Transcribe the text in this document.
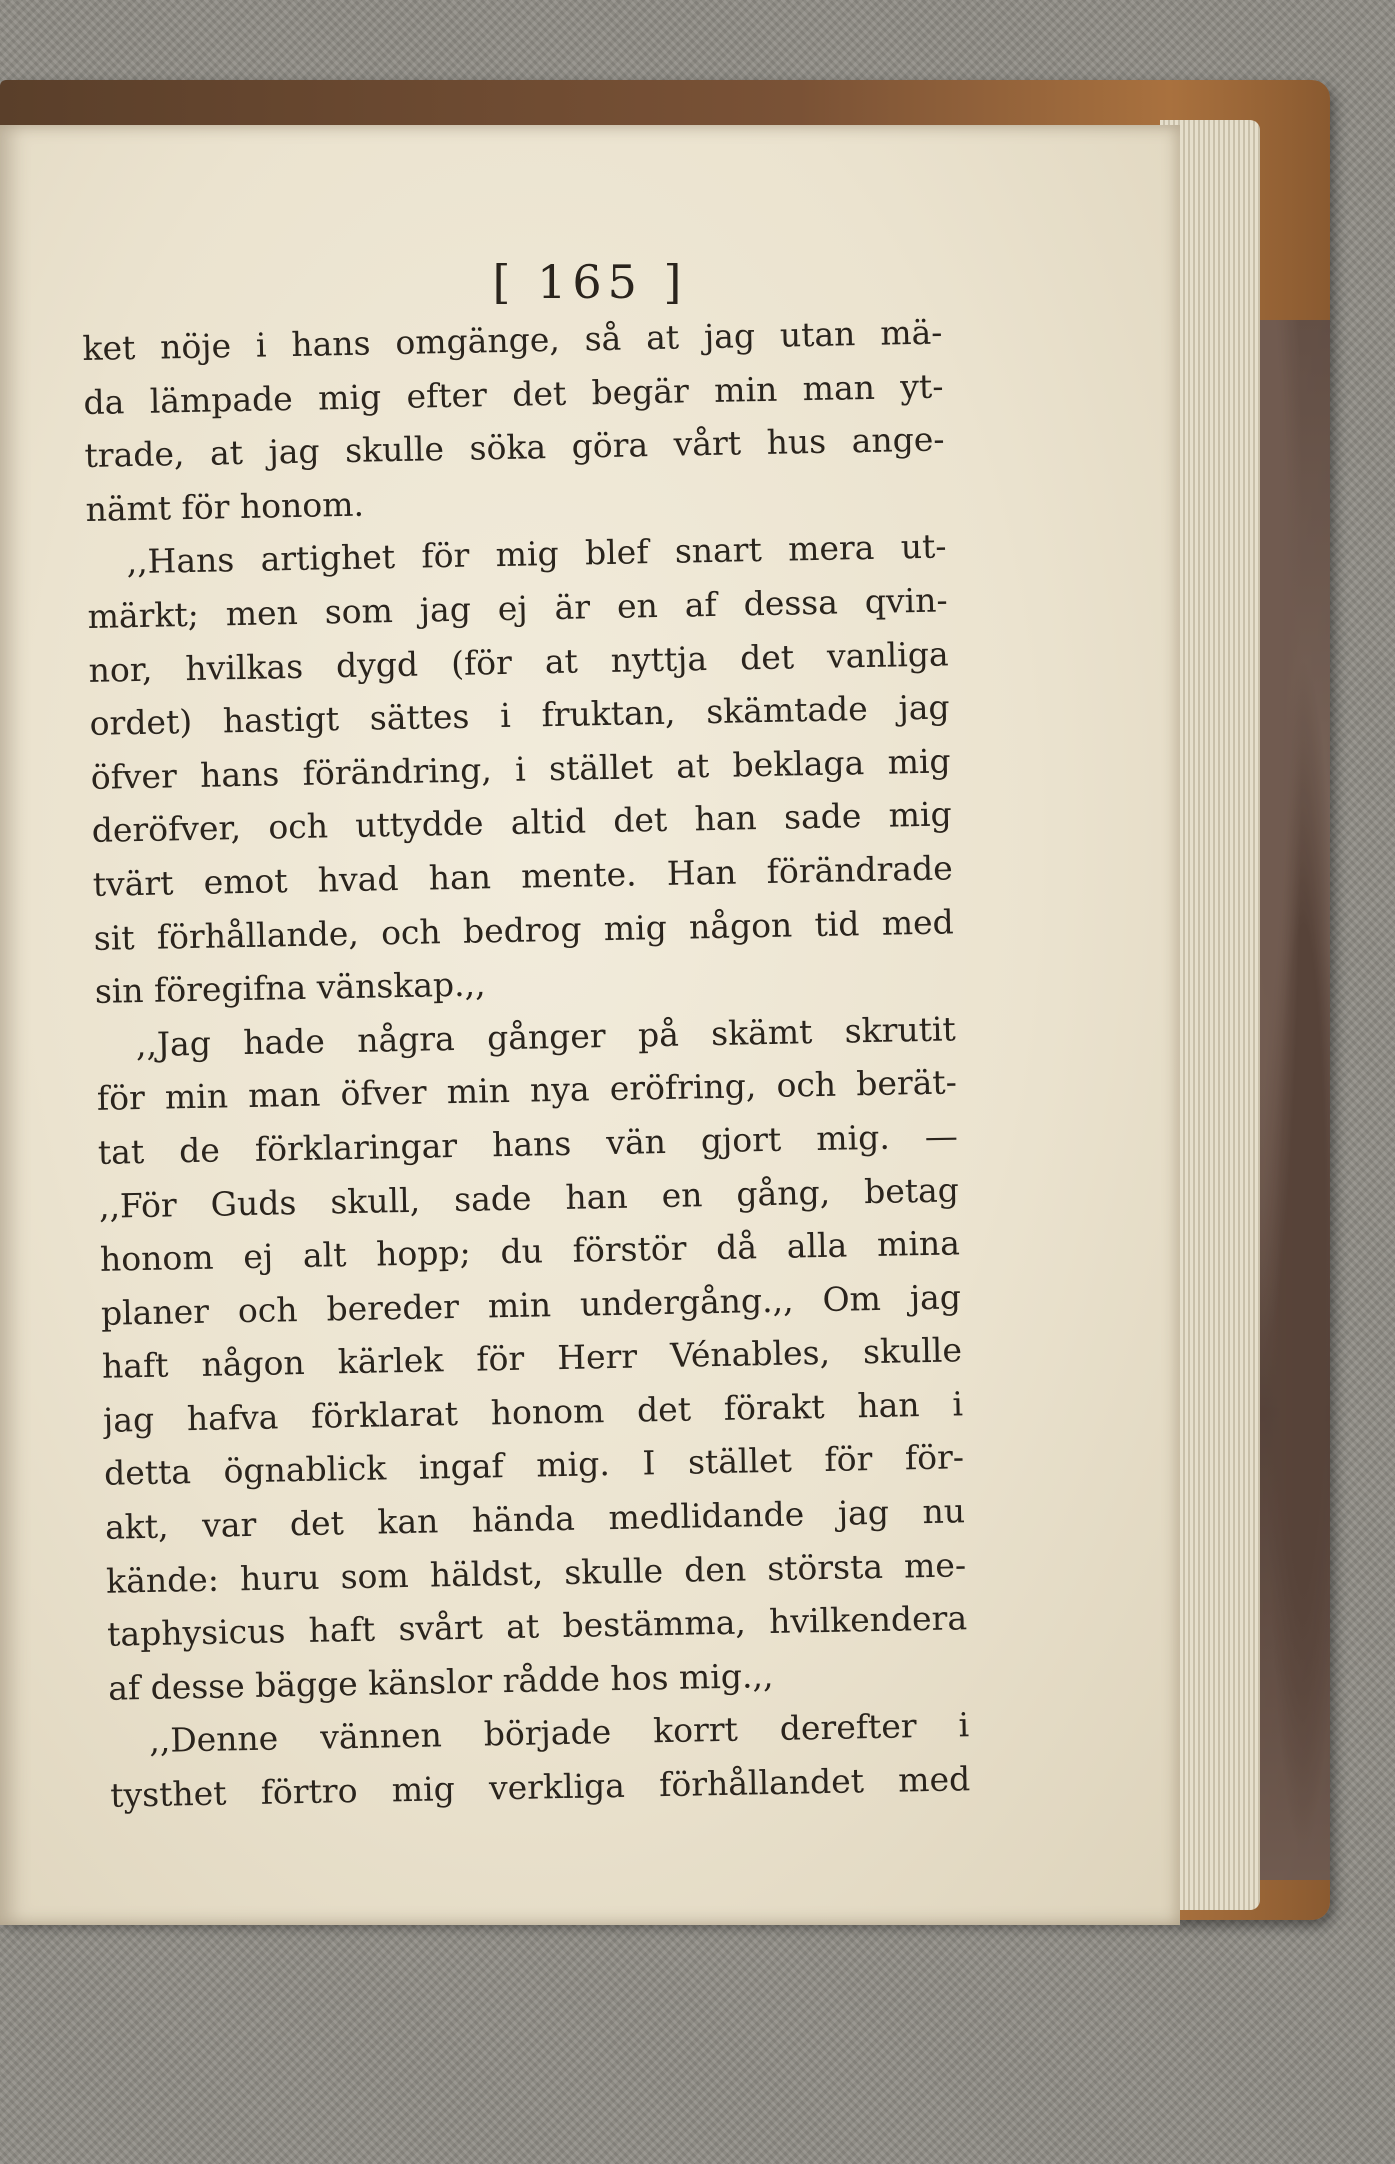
[ 165 ]
ket nöje i hans omgänge, så at jag utan mä-
da lämpade mig efter det begär min man yt-
trade, at jag skulle söka göra vårt hus ange-
nämt för honom.
,,Hans artighet för mig blef snart mera ut-
märkt; men som jag ej är en af dessa qvin-
nor, hvilkas dygd (för at nyttja det vanliga
ordet) hastigt sättes i fruktan, skämtade jag
öfver hans förändring, i stället at beklaga mig
deröfver, och uttydde altid det han sade mig
tvärt emot hvad han mente. Han förändrade
sit förhållande, och bedrog mig någon tid med
sin föregifna vänskap.,,
,,Jag hade några gånger på skämt skrutit
för min man öfver min nya eröfring, och berät-
tat de förklaringar hans vän gjort mig. —
,,För Guds skull, sade han en gång, betag
honom ej alt hopp; du förstör då alla mina
planer och bereder min undergång.,, Om jag
haft någon kärlek för Herr Vénables, skulle
jag hafva förklarat honom det förakt han i
detta ögnablick ingaf mig. I stället för för-
akt, var det kan hända medlidande jag nu
kände: huru som häldst, skulle den största me-
taphysicus haft svårt at bestämma, hvilkendera
af desse bägge känslor rådde hos mig.,,
,,Denne vännen började korrt derefter i
tysthet förtro mig verkliga förhållandet med
